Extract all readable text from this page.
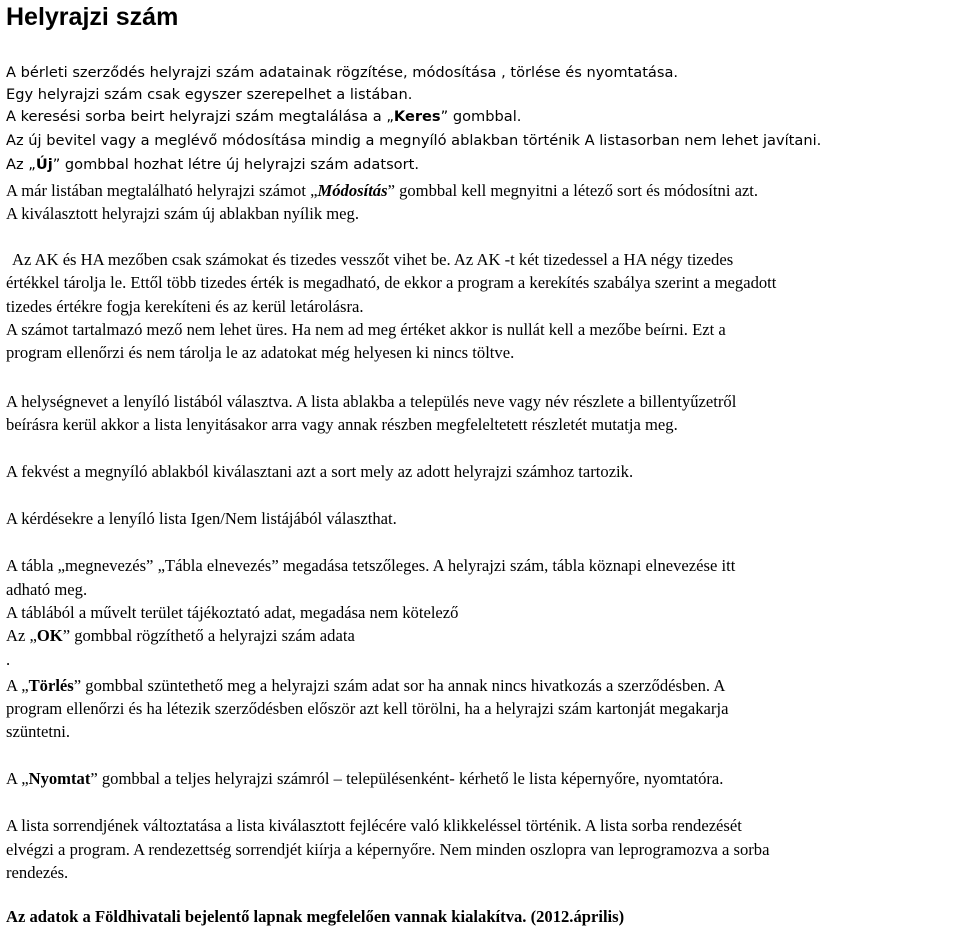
Helyrajzi szám
A bérleti szerződés helyrajzi szám adatainak rögzítése, módosítása , törlése és nyomtatása.
Egy helyrajzi szám csak egyszer szerepelhet a listában.
A keresési sorba beirt helyrajzi szám megtalálása a „Keres” gombbal.
Az új bevitel vagy a meglévő módosítása mindig a megnyíló ablakban történik A listasorban nem lehet javítani.
Az „Új” gombbal hozhat létre új helyrajzi szám adatsort.
A már listában megtalálható helyrajzi számot „Módosítás” gombbal kell megnyitni a létező sort és módosítni azt.
A kiválasztott helyrajzi szám új ablakban nyílik meg.
Az AK és HA mezőben csak számokat és tizedes vesszőt vihet be. Az AK -t két tizedessel a HA négy tizedes
értékkel tárolja le. Ettől több tizedes érték is megadható, de ekkor a program a kerekítés szabálya szerint a megadott
tizedes értékre fogja kerekíteni és az kerül letárolásra.
A számot tartalmazó mező nem lehet üres. Ha nem ad meg értéket akkor is nullát kell a mezőbe beírni. Ezt a
program ellenőrzi és nem tárolja le az adatokat még helyesen ki nincs töltve.
A helységnevet a lenyíló listából választva. A lista ablakba a település neve vagy név részlete a billentyűzetről
beírásra kerül akkor a lista lenyitásakor arra vagy annak részben megfeleltetett részletét mutatja meg.
A fekvést a megnyíló ablakból kiválasztani azt a sort mely az adott helyrajzi számhoz tartozik.
A kérdésekre a lenyíló lista Igen/Nem listájából választhat.
A tábla „megnevezés” „Tábla elnevezés” megadása tetszőleges. A helyrajzi szám, tábla köznapi elnevezése itt
adható meg.
A táblából a művelt terület tájékoztató adat, megadása nem kötelező
Az „OK” gombbal rögzíthető a helyrajzi szám adata
.
A „Törlés” gombbal szüntethető meg a helyrajzi szám adat sor ha annak nincs hivatkozás a szerződésben. A
program ellenőrzi és ha létezik szerződésben először azt kell törölni, ha a helyrajzi szám kartonját megakarja
szüntetni.
A „Nyomtat” gombbal a teljes helyrajzi számról – településenként- kérhető le lista képernyőre, nyomtatóra.
A lista sorrendjének változtatása a lista kiválasztott fejlécére való klikkeléssel történik. A lista sorba rendezését
elvégzi a program. A rendezettség sorrendjét kiírja a képernyőre. Nem minden oszlopra van leprogramozva a sorba
rendezés.
Az adatok a Földhivatali bejelentő lapnak megfelelően vannak kialakítva. (2012.április)
